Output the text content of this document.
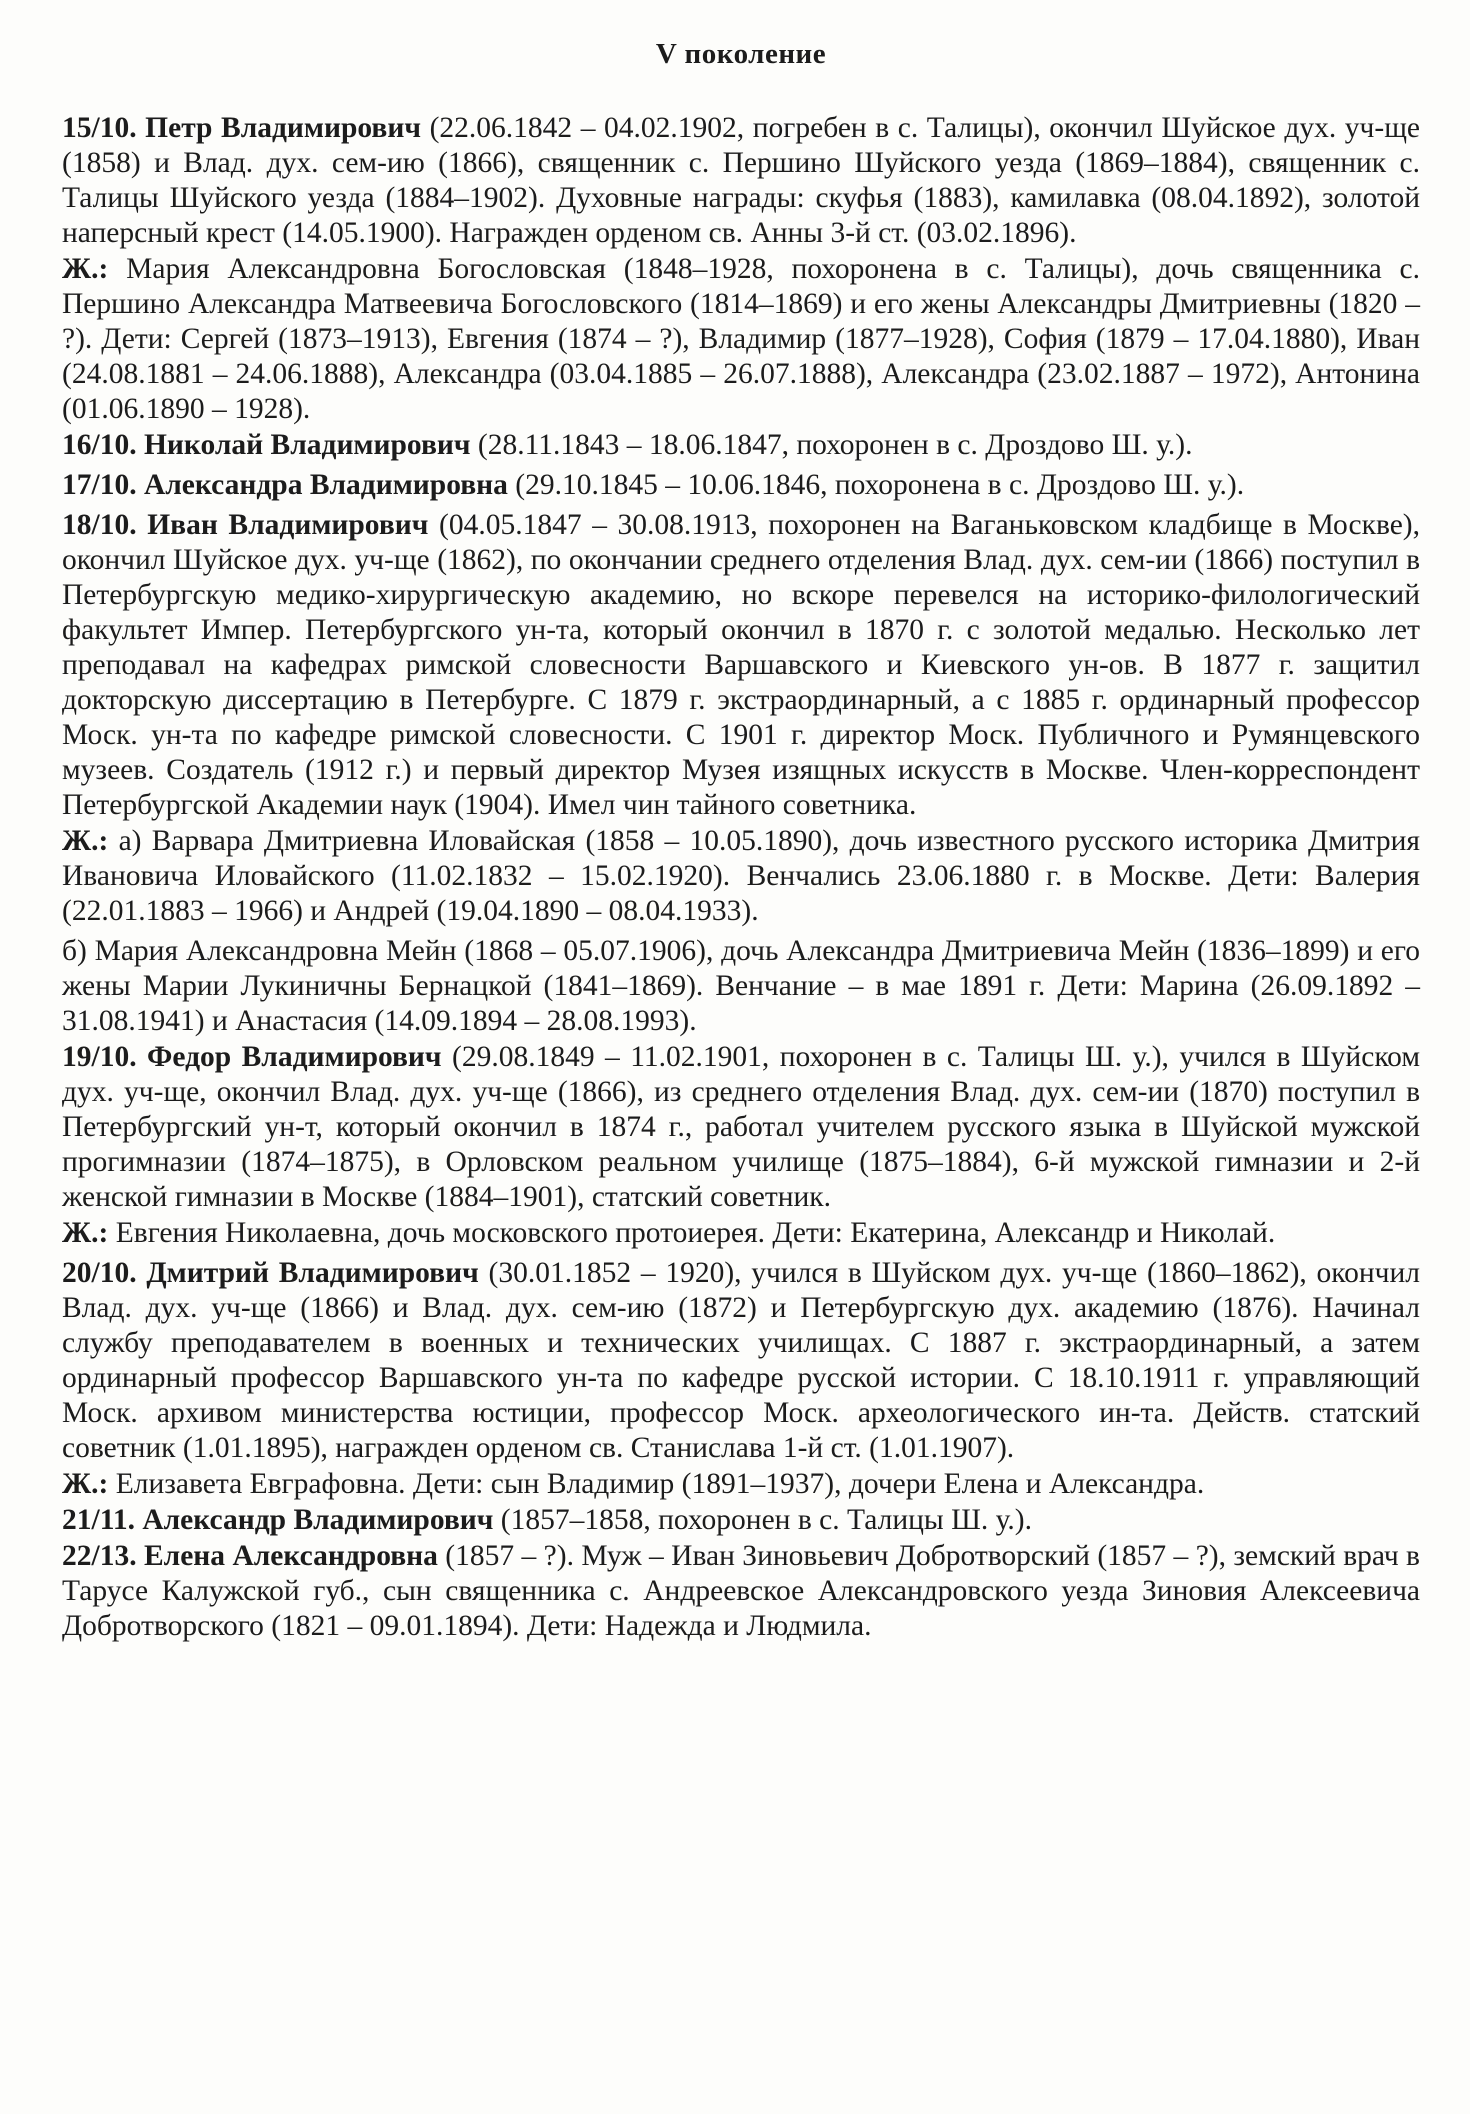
V поколение

15/10. Петр Владимирович (22.06.1842 – 04.02.1902, погребен в с. Талицы), окончил Шуйское дух. уч-ще (1858) и Влад. дух. сем-ию (1866), священник с. Першино Шуйского уезда (1869–1884), священник с. Талицы Шуйского уезда (1884–1902). Духовные награды: скуфья (1883), камилавка (08.04.1892), золотой наперсный крест (14.05.1900). Награжден орденом св. Анны 3-й ст. (03.02.1896).

Ж.: Мария Александровна Богословская (1848–1928, похоронена в с. Талицы), дочь священника с. Першино Александра Матвеевича Богословского (1814–1869) и его жены Александры Дмитриевны (1820 – ?). Дети: Сергей (1873–1913), Евгения (1874 – ?), Владимир (1877–1928), София (1879 – 17.04.1880), Иван (24.08.1881 – 24.06.1888), Александра (03.04.1885 – 26.07.1888), Александра (23.02.1887 – 1972), Антонина (01.06.1890 – 1928).

16/10. Николай Владимирович (28.11.1843 – 18.06.1847, похоронен в с. Дроздово Ш. у.).

17/10. Александра Владимировна (29.10.1845 – 10.06.1846, похоронена в с. Дроздово Ш. у.).

18/10. Иван Владимирович (04.05.1847 – 30.08.1913, похоронен на Ваганьковском кладбище в Москве), окончил Шуйское дух. уч-ще (1862), по окончании среднего отделения Влад. дух. сем-ии (1866) поступил в Петербургскую медико-хирургическую академию, но вскоре перевелся на историко-филологический факультет Импер. Петербургского ун-та, который окончил в 1870 г. с золотой медалью. Несколько лет преподавал на кафедрах римской словесности Варшавского и Киевского ун-ов. В 1877 г. защитил докторскую диссертацию в Петербурге. С 1879 г. экстраординарный, а с 1885 г. ординарный профессор Моск. ун-та по кафедре римской словесности. С 1901 г. директор Моск. Публичного и Румянцевского музеев. Создатель (1912 г.) и первый директор Музея изящных искусств в Москве. Член-корреспондент Петербургской Академии наук (1904). Имел чин тайного советника.

Ж.: а) Варвара Дмитриевна Иловайская (1858 – 10.05.1890), дочь известного русского историка Дмитрия Ивановича Иловайского (11.02.1832 – 15.02.1920). Венчались 23.06.1880 г. в Москве. Дети: Валерия (22.01.1883 – 1966) и Андрей (19.04.1890 – 08.04.1933).

б) Мария Александровна Мейн (1868 – 05.07.1906), дочь Александра Дмитриевича Мейн (1836–1899) и его жены Марии Лукиничны Бернацкой (1841–1869). Венчание – в мае 1891 г. Дети: Марина (26.09.1892 – 31.08.1941) и Анастасия (14.09.1894 – 28.08.1993).

19/10. Федор Владимирович (29.08.1849 – 11.02.1901, похоронен в с. Талицы Ш. у.), учился в Шуйском дух. уч-ще, окончил Влад. дух. уч-ще (1866), из среднего отделения Влад. дух. сем-ии (1870) поступил в Петербургский ун-т, который окончил в 1874 г., работал учителем русского языка в Шуйской мужской прогимназии (1874–1875), в Орловском реальном училище (1875–1884), 6-й мужской гимназии и 2-й женской гимназии в Москве (1884–1901), статский советник.

Ж.: Евгения Николаевна, дочь московского протоиерея. Дети: Екатерина, Александр и Николай.

20/10. Дмитрий Владимирович (30.01.1852 – 1920), учился в Шуйском дух. уч-ще (1860–1862), окончил Влад. дух. уч-ще (1866) и Влад. дух. сем-ию (1872) и Петербургскую дух. академию (1876). Начинал службу преподавателем в военных и технических училищах. С 1887 г. экстраординарный, а затем ординарный профессор Варшавского ун-та по кафедре русской истории. С 18.10.1911 г. управляющий Моск. архивом министерства юстиции, профессор Моск. археологического ин-та. Действ. статский советник (1.01.1895), награжден орденом св. Станислава 1-й ст. (1.01.1907).

Ж.: Елизавета Евграфовна. Дети: сын Владимир (1891–1937), дочери Елена и Александра.

21/11. Александр Владимирович (1857–1858, похоронен в с. Талицы Ш. у.).

22/13. Елена Александровна (1857 – ?). Муж – Иван Зиновьевич Добротворский (1857 – ?), земский врач в Тарусе Калужской губ., сын священника с. Андреевское Александровского уезда Зиновия Алексеевича Добротворского (1821 – 09.01.1894). Дети: Надежда и Людмила.
